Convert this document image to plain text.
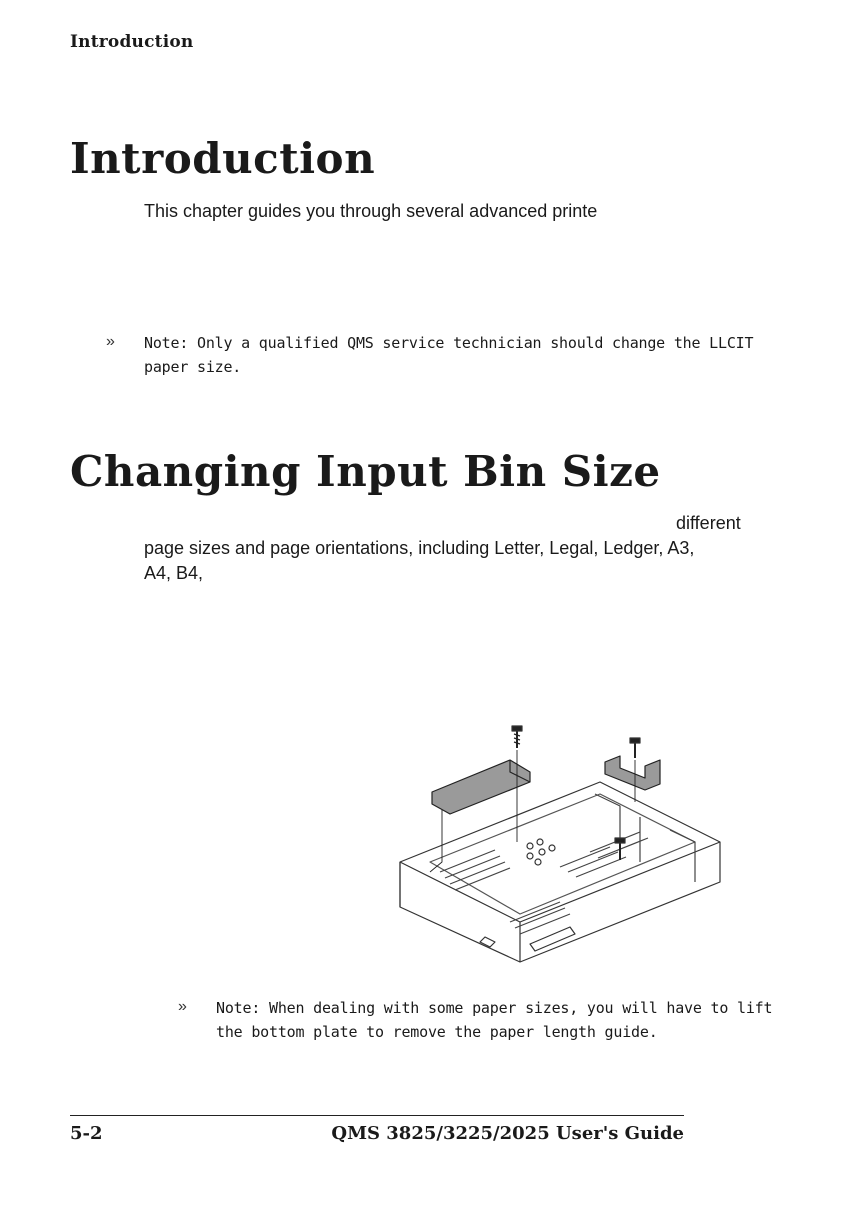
Introduction
Introduction

This chapter guides you through several advanced printe

» Note: Only a qualified QMS service technician should change the LLCIT
paper size.

Changing Input Bin Size
different
page sizes and page orientations, including Letter, Legal, Ledger, A3,
A4, B4,
» Note: When dealing with some paper sizes, you will have to lift
the bottom plate to remove the paper length guide.

5-2	QMS 3825/3225/2025 User's Guide
